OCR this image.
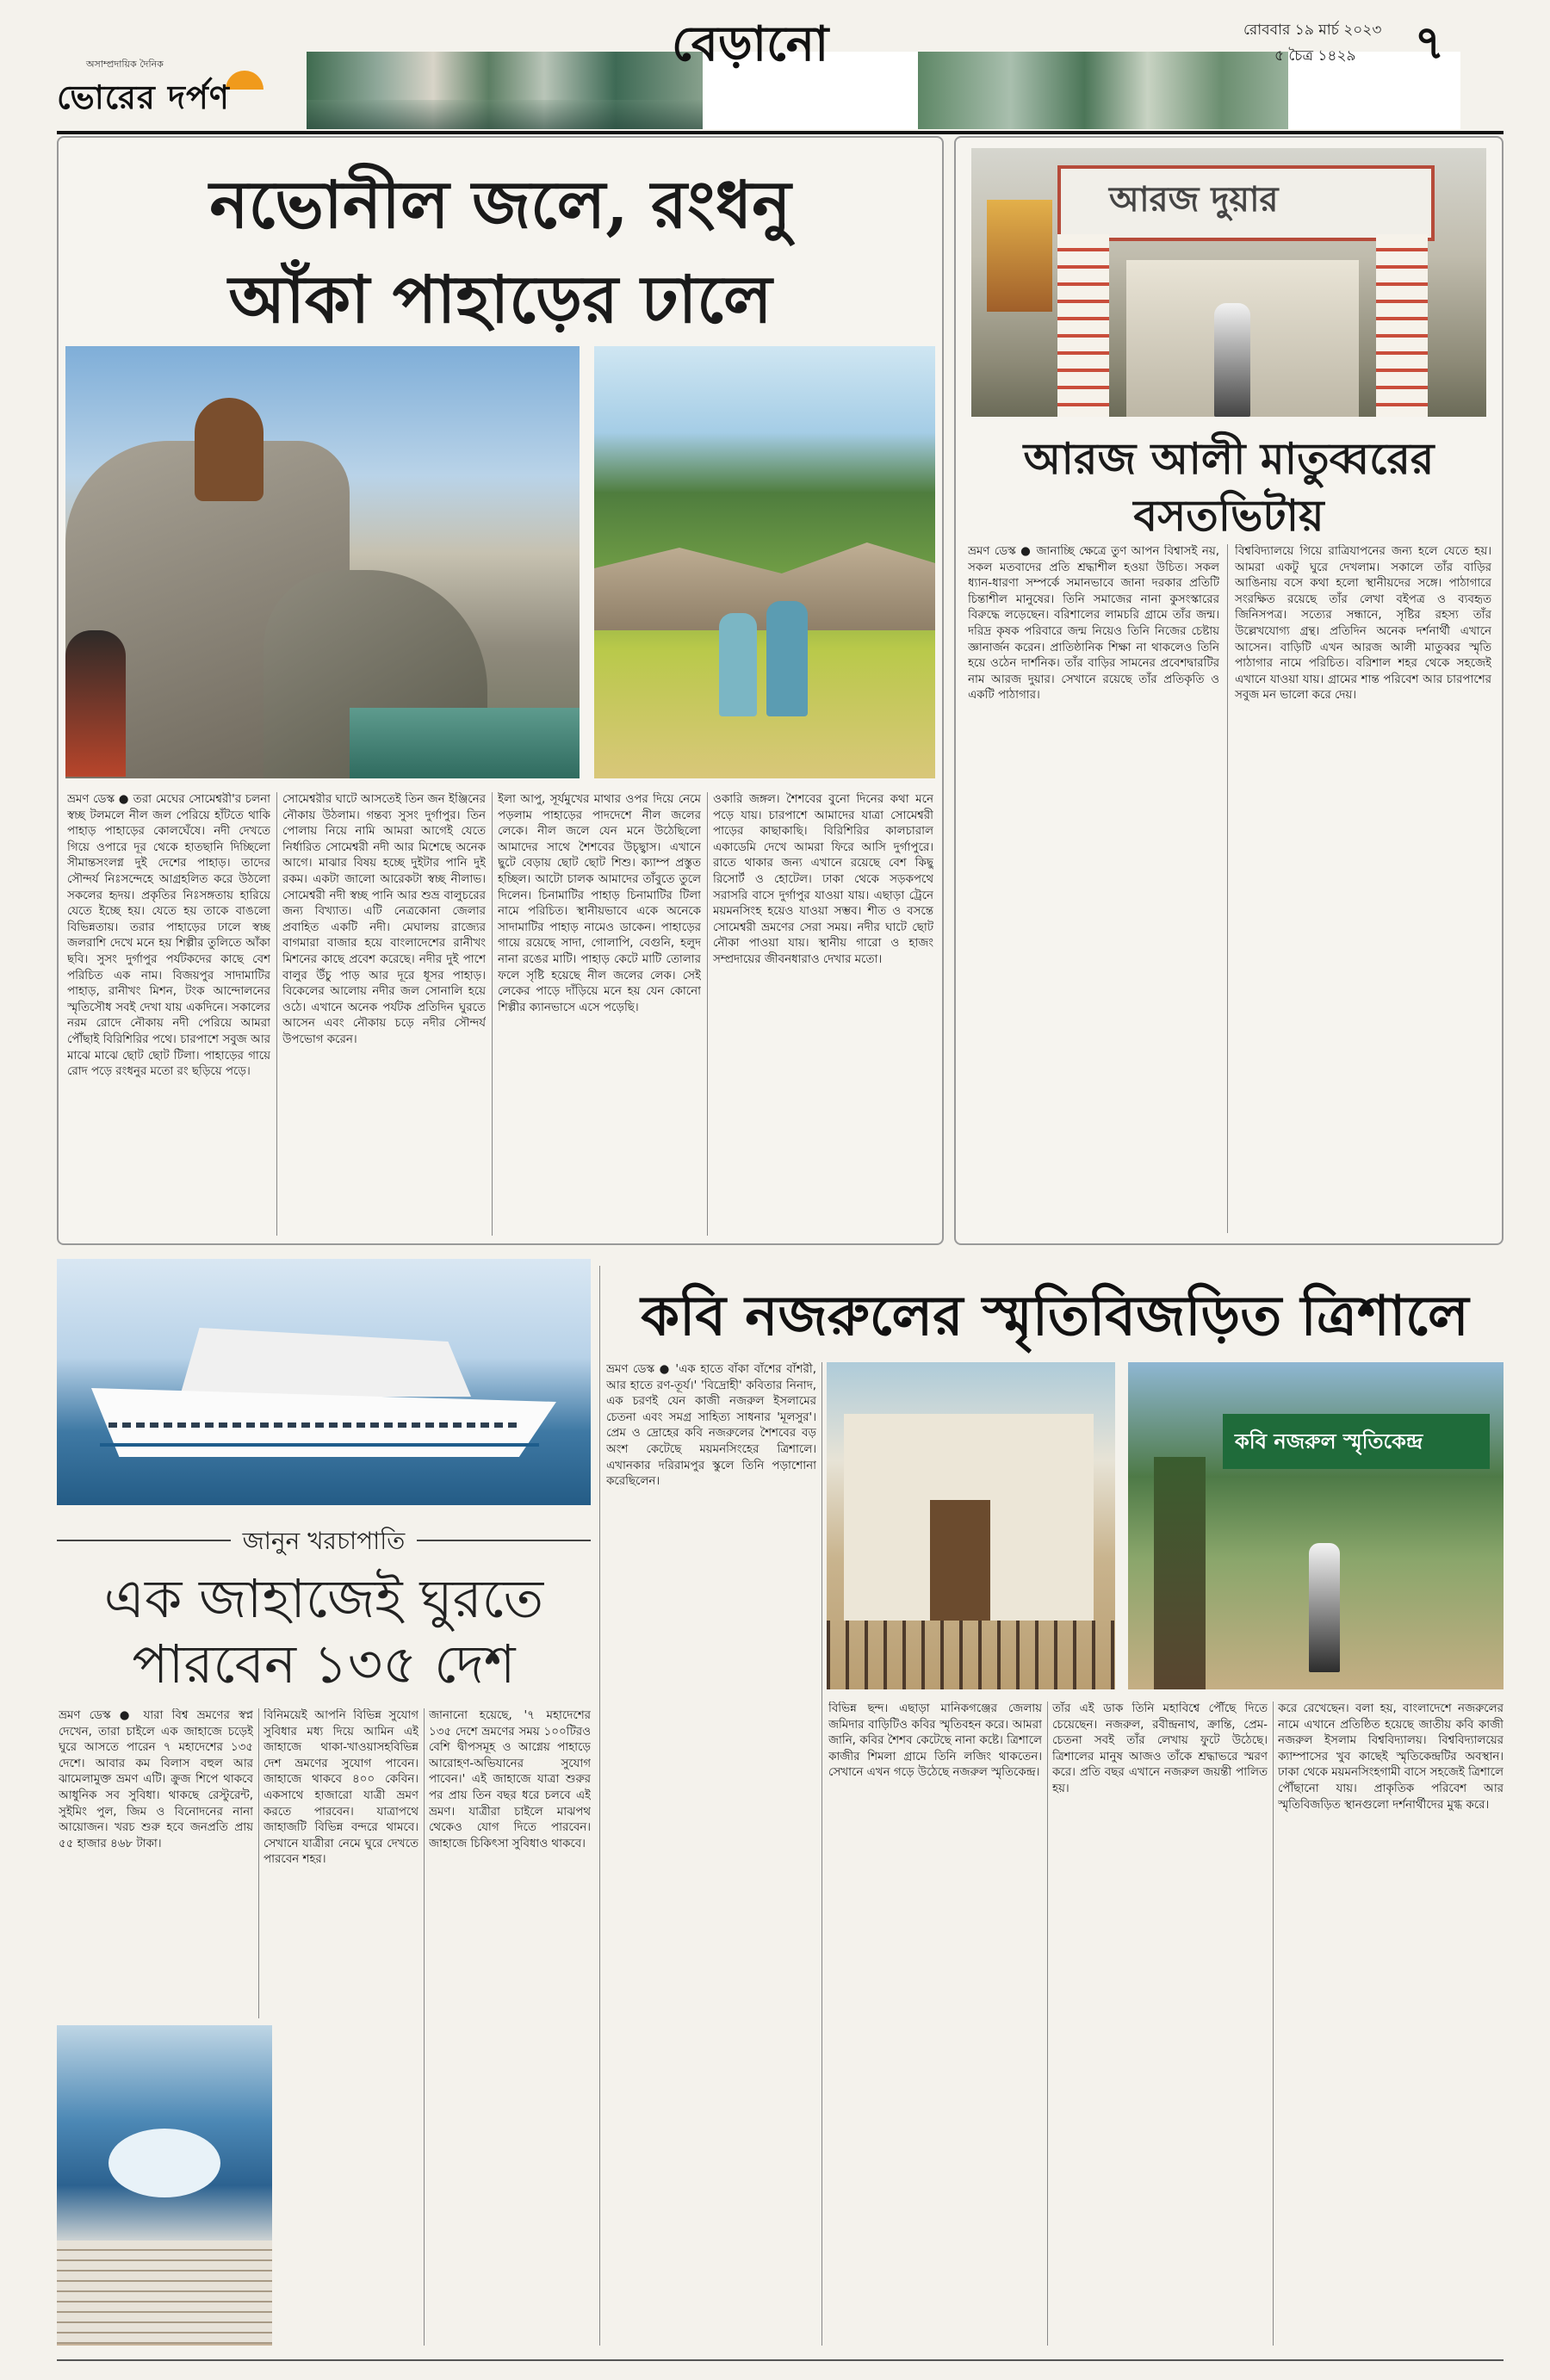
অসাম্প্রদায়িক দৈনিক
ভোরের দর্পণ
বেড়ানো	রোববার ১৯ মার্চ ২০২৩
৫ চৈত্র ১৪২৯ ৭
নভোনীল জলে, রংধনু
আঁকা পাহাড়ের ঢালে
ভ্রমণ ডেস্ক ● তরা মেঘের সোমেশ্বরী'র চলনা স্বচ্ছ টলমলে নীল জল পেরিয়ে হাঁটতে থাকি পাহাড় পাহাড়ের কোলঘেঁষে। নদী দেখতে গিয়ে ওপারে দূর থেকে হাতছানি দিচ্ছিলো সীমান্তসংলগ্ন দুই দেশের পাহাড়। তাদের সৌন্দর্য নিঃসন্দেহে আগ্রহলিত করে উঠলো সকলের হৃদয়। প্রকৃতির নিঃসঙ্গতায় হারিয়ে যেতে ইচ্ছে হয়। যেতে হয় তাকে বাঙলো বিভিন্নতায়। তরার পাহাড়ের ঢালে স্বচ্ছ জলরাশি দেখে মনে হয় শিল্পীর তুলিতে আঁকা ছবি। সুসং দুর্গাপুর পর্যটকদের কাছে বেশ পরিচিত এক নাম। বিজয়পুর সাদামাটির পাহাড়, রানীখং মিশন, টংক আন্দোলনের স্মৃতিসৌধ সবই দেখা যায় একদিনে। সকালের নরম রোদে নৌকায় নদী পেরিয়ে আমরা পৌঁছাই বিরিশিরির পথে। চারপাশে সবুজ আর মাঝে মাঝে ছোট ছোট টিলা। পাহাড়ের গায়ে রোদ পড়ে রংধনুর মতো রং ছড়িয়ে পড়ে।
সোমেশ্বরীর ঘাটে আসতেই তিন জন ইঞ্জিনের নৌকায় উঠলাম। গন্তব্য সুসং দুর্গাপুর। তিন পোলায় নিয়ে নামি আমরা আগেই যেতে নির্ধারিত সোমেশ্বরী নদী আর মিশেছে অনেক আগে। মাঝার বিষয় হচ্ছে দুইটার পানি দুই রকম। একটা জালো আরেকটা স্বচ্ছ নীলাভ। সোমেশ্বরী নদী স্বচ্ছ পানি আর শুভ্র বালুচরের জন্য বিখ্যাত। এটি নেত্রকোনা জেলার প্রবাহিত একটি নদী। মেঘালয় রাজ্যের বাগমারা বাজার হয়ে বাংলাদেশের রানীখং মিশনের কাছে প্রবেশ করেছে। নদীর দুই পাশে বালুর উঁচু পাড় আর দূরে ধূসর পাহাড়। বিকেলের আলোয় নদীর জল সোনালি হয়ে ওঠে। এখানে অনেক পর্যটক প্রতিদিন ঘুরতে আসেন এবং নৌকায় চড়ে নদীর সৌন্দর্য উপভোগ করেন।
ইলা আপু, সূর্যমুখের মাথার ওপর দিয়ে নেমে পড়লাম পাহাড়ের পাদদেশে নীল জলের লেকে। নীল জলে যেন মনে উঠেছিলো আমাদের সাথে শৈশবের উচ্ছ্বাস। এখানে ছুটে বেড়ায় ছোট ছোট শিশু। ক্যাম্প প্রস্তুত হচ্ছিল। আটো চালক আমাদের তাঁবুতে তুলে দিলেন। চিনামাটির পাহাড় চিনামাটির টিলা নামে পরিচিত। স্থানীয়ভাবে একে অনেকে সাদামাটির পাহাড় নামেও ডাকেন। পাহাড়ের গায়ে রয়েছে সাদা, গোলাপি, বেগুনি, হলুদ নানা রঙের মাটি। পাহাড় কেটে মাটি তোলার ফলে সৃষ্টি হয়েছে নীল জলের লেক। সেই লেকের পাড়ে দাঁড়িয়ে মনে হয় যেন কোনো শিল্পীর ক্যানভাসে এসে পড়েছি।
ওকারি জঙ্গল। শৈশবের বুনো দিনের কথা মনে পড়ে যায়। চারপাশে আমাদের যাত্রা সোমেশ্বরী পাড়ের কাছাকাছি। বিরিশিরির কালচারাল একাডেমি দেখে আমরা ফিরে আসি দুর্গাপুরে। রাতে থাকার জন্য এখানে রয়েছে বেশ কিছু রিসোর্ট ও হোটেল। ঢাকা থেকে সড়কপথে সরাসরি বাসে দুর্গাপুর যাওয়া যায়। এছাড়া ট্রেনে ময়মনসিংহ হয়েও যাওয়া সম্ভব। শীত ও বসন্তে সোমেশ্বরী ভ্রমণের সেরা সময়। নদীর ঘাটে ছোট নৌকা পাওয়া যায়। স্থানীয় গারো ও হাজং সম্প্রদায়ের জীবনধারাও দেখার মতো।
আরজ দুয়ার
আরজ আলী মাতুব্বরের
বসতভিটায়
ভ্রমণ ডেস্ক ● জানাচ্ছি ক্ষেত্রে তুণ আপন বিশ্বাসই নয়, সকল মতবাদের প্রতি শ্রদ্ধাশীল হওয়া উচিত। সকল ধ্যান-ধারণা সম্পর্কে সমানভাবে জানা দরকার প্রতিটি চিন্তাশীল মানুষের। তিনি সমাজের নানা কুসংস্কারের বিরুদ্ধে লড়েছেন। বরিশালের লামচরি গ্রামে তাঁর জন্ম। দরিদ্র কৃষক পরিবারে জন্ম নিয়েও তিনি নিজের চেষ্টায় জ্ঞানার্জন করেন। প্রাতিষ্ঠানিক শিক্ষা না থাকলেও তিনি হয়ে ওঠেন দার্শনিক। তাঁর বাড়ির সামনের প্রবেশদ্বারটির নাম আরজ দুয়ার। সেখানে রয়েছে তাঁর প্রতিকৃতি ও একটি পাঠাগার।
বিশ্ববিদ্যালয়ে গিয়ে রাত্রিযাপনের জন্য হলে যেতে হয়। আমরা একটু ঘুরে দেখলাম। সকালে তাঁর বাড়ির আঙিনায় বসে কথা হলো স্থানীয়দের সঙ্গে। পাঠাগারে সংরক্ষিত রয়েছে তাঁর লেখা বইপত্র ও ব্যবহৃত জিনিসপত্র। সত্যের সন্ধানে, সৃষ্টির রহস্য তাঁর উল্লেখযোগ্য গ্রন্থ। প্রতিদিন অনেক দর্শনার্থী এখানে আসেন। বাড়িটি এখন আরজ আলী মাতুব্বর স্মৃতি পাঠাগার নামে পরিচিত। বরিশাল শহর থেকে সহজেই এখানে যাওয়া যায়। গ্রামের শান্ত পরিবেশ আর চারপাশের সবুজ মন ভালো করে দেয়।
জানুন খরচাপাতি
এক জাহাজেই ঘুরতে
পারবেন ১৩৫ দেশ
ভ্রমণ ডেস্ক ● যারা বিশ্ব ভ্রমণের স্বপ্ন দেখেন, তারা চাইলে এক জাহাজে চড়েই ঘুরে আসতে পারেন ৭ মহাদেশের ১৩৫ দেশে। আবার কম বিলাস বহুল আর ঝামেলামুক্ত ভ্রমণ এটি। ক্রুজ শিপে থাকবে আধুনিক সব সুবিধা। থাকছে রেস্টুরেন্ট, সুইমিং পুল, জিম ও বিনোদনের নানা আয়োজন। খরচ শুরু হবে জনপ্রতি প্রায় ৫৫ হাজার ৪৬৮ টাকা।
বিনিময়েই আপনি বিভিন্ন সুযোগ সুবিধার মধ্য দিয়ে আমিন এই জাহাজে থাকা-খাওয়াসহবিভিন্ন দেশ ভ্রমণের সুযোগ পাবেন। জাহাজে থাকবে ৪০০ কেবিন। একসাথে হাজারো যাত্রী ভ্রমণ করতে পারবেন। যাত্রাপথে জাহাজটি বিভিন্ন বন্দরে থামবে। সেখানে যাত্রীরা নেমে ঘুরে দেখতে পারবেন শহর।
জানানো হয়েছে, '৭ মহাদেশের ১৩৫ দেশে ভ্রমণের সময় ১০০টিরও বেশি দ্বীপসমূহ ও আগ্নেয় পাহাড়ে আরোহণ-অভিযানের সুযোগ পাবেন।' এই জাহাজে যাত্রা শুরুর পর প্রায় তিন বছর ধরে চলবে এই ভ্রমণ। যাত্রীরা চাইলে মাঝপথ থেকেও যোগ দিতে পারবেন। জাহাজে চিকিৎসা সুবিধাও থাকবে।
কবি নজরুলের স্মৃতিবিজড়িত ত্রিশালে
কবি নজরুল স্মৃতিকেন্দ্র
ভ্রমণ ডেস্ক ● 'এক হাতে বাঁকা বাঁশের বাঁশরী, আর হাতে রণ-তূর্য।' 'বিদ্রোহী' কবিতার নিনাদ, এক চরণই যেন কাজী নজরুল ইসলামের চেতনা এবং সমগ্র সাহিত্য সাধনার 'মূলসুর'। প্রেম ও দ্রোহের কবি নজরুলের শৈশবের বড় অংশ কেটেছে ময়মনসিংহের ত্রিশালে। এখানকার দরিরামপুর স্কুলে তিনি পড়াশোনা করেছিলেন।
বিভিন্ন ছন্দ। এছাড়া মানিকগঞ্জের জেলায় জমিদার বাড়িটিও কবির স্মৃতিবহন করে। আমরা জানি, কবির শৈশব কেটেছে নানা কষ্টে। ত্রিশালে কাজীর শিমলা গ্রামে তিনি লজিং থাকতেন। সেখানে এখন গড়ে উঠেছে নজরুল স্মৃতিকেন্দ্র।
তাঁর এই ডাক তিনি মহাবিশ্বে পৌঁছে দিতে চেয়েছেন। নজরুল, রবীন্দ্রনাথ, ক্রান্তি, প্রেম-চেতনা সবই তাঁর লেখায় ফুটে উঠেছে। ত্রিশালের মানুষ আজও তাঁকে শ্রদ্ধাভরে স্মরণ করে। প্রতি বছর এখানে নজরুল জয়ন্তী পালিত হয়।
করে রেখেছেন। বলা হয়, বাংলাদেশে নজরুলের নামে এখানে প্রতিষ্ঠিত হয়েছে জাতীয় কবি কাজী নজরুল ইসলাম বিশ্ববিদ্যালয়। বিশ্ববিদ্যালয়ের ক্যাম্পাসের খুব কাছেই স্মৃতিকেন্দ্রটির অবস্থান। ঢাকা থেকে ময়মনসিংহগামী বাসে সহজেই ত্রিশালে পৌঁছানো যায়। প্রাকৃতিক পরিবেশ আর স্মৃতিবিজড়িত স্থানগুলো দর্শনার্থীদের মুগ্ধ করে।
